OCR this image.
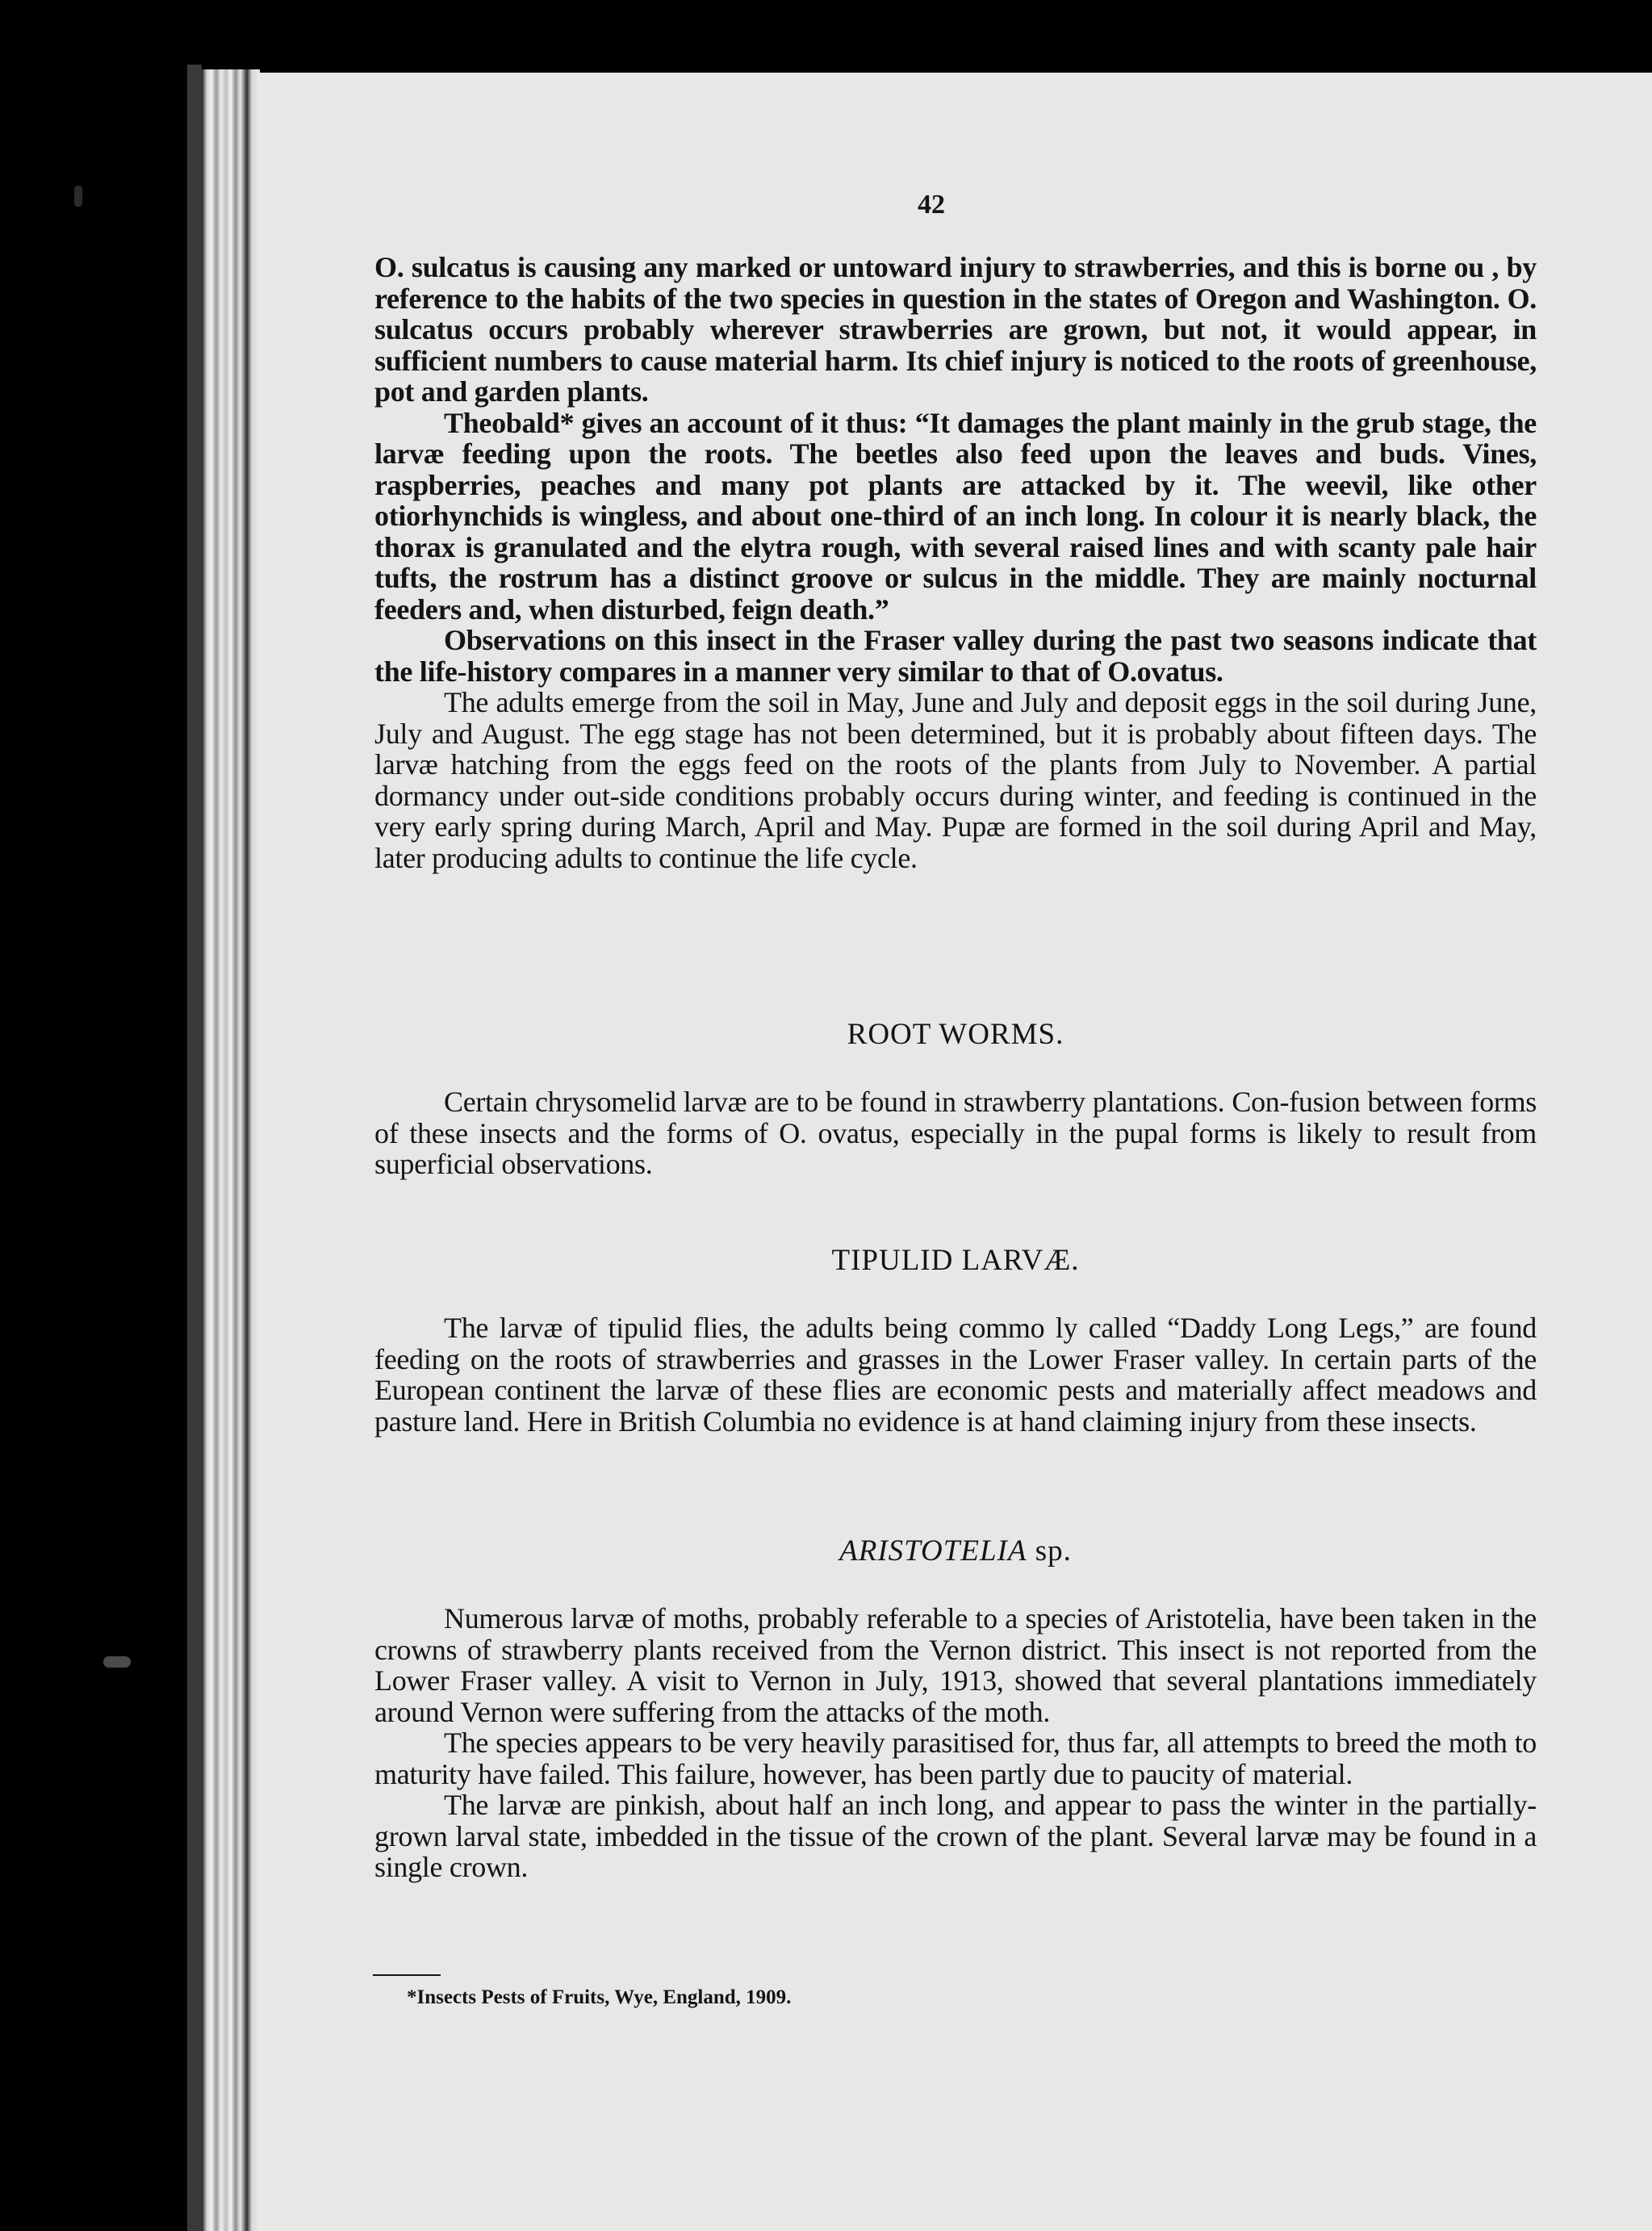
42

O. sulcatus is causing any marked or untoward injury to strawberries, and this is borne ou , by reference to the habits of the two species in question in the states of Oregon and Washington. O. sulcatus occurs probably wherever strawberries are grown, but not, it would appear, in sufficient numbers to cause material harm. Its chief injury is noticed to the roots of greenhouse, pot and garden plants.

Theobald* gives an account of it thus: “It damages the plant mainly in the grub stage, the larvæ feeding upon the roots. The beetles also feed upon the leaves and buds. Vines, raspberries, peaches and many pot plants are attacked by it. The weevil, like other otiorhynchids is wingless, and about one-third of an inch long. In colour it is nearly black, the thorax is granulated and the elytra rough, with several raised lines and with scanty pale hair tufts, the rostrum has a distinct groove or sulcus in the middle. They are mainly nocturnal feeders and, when disturbed, feign death.”

Observations on this insect in the Fraser valley during the past two seasons indicate that the life-history compares in a manner very similar to that of O.ovatus.

The adults emerge from the soil in May, June and July and deposit eggs in the soil during June, July and August. The egg stage has not been determined, but it is probably about fifteen days. The larvæ hatching from the eggs feed on the roots of the plants from July to November. A partial dormancy under out-side conditions probably occurs during winter, and feeding is continued in the very early spring during March, April and May. Pupæ are formed in the soil during April and May, later producing adults to continue the life cycle.

ROOT WORMS.

Certain chrysomelid larvæ are to be found in strawberry plantations. Con-fusion between forms of these insects and the forms of O. ovatus, especially in the pupal forms is likely to result from superficial observations.

TIPULID LARVÆ.

The larvæ of tipulid flies, the adults being commo ly called “Daddy Long Legs,” are found feeding on the roots of strawberries and grasses in the Lower Fraser valley. In certain parts of the European continent the larvæ of these flies are economic pests and materially affect meadows and pasture land. Here in British Columbia no evidence is at hand claiming injury from these insects.

ARISTOTELIA sp.

Numerous larvæ of moths, probably referable to a species of Aristotelia, have been taken in the crowns of strawberry plants received from the Vernon district. This insect is not reported from the Lower Fraser valley. A visit to Vernon in July, 1913, showed that several plantations immediately around Vernon were suffering from the attacks of the moth.

The species appears to be very heavily parasitised for, thus far, all attempts to breed the moth to maturity have failed. This failure, however, has been partly due to paucity of material.

The larvæ are pinkish, about half an inch long, and appear to pass the winter in the partially-grown larval state, imbedded in the tissue of the crown of the plant. Several larvæ may be found in a single crown.

*Insects Pests of Fruits, Wye, England, 1909.
